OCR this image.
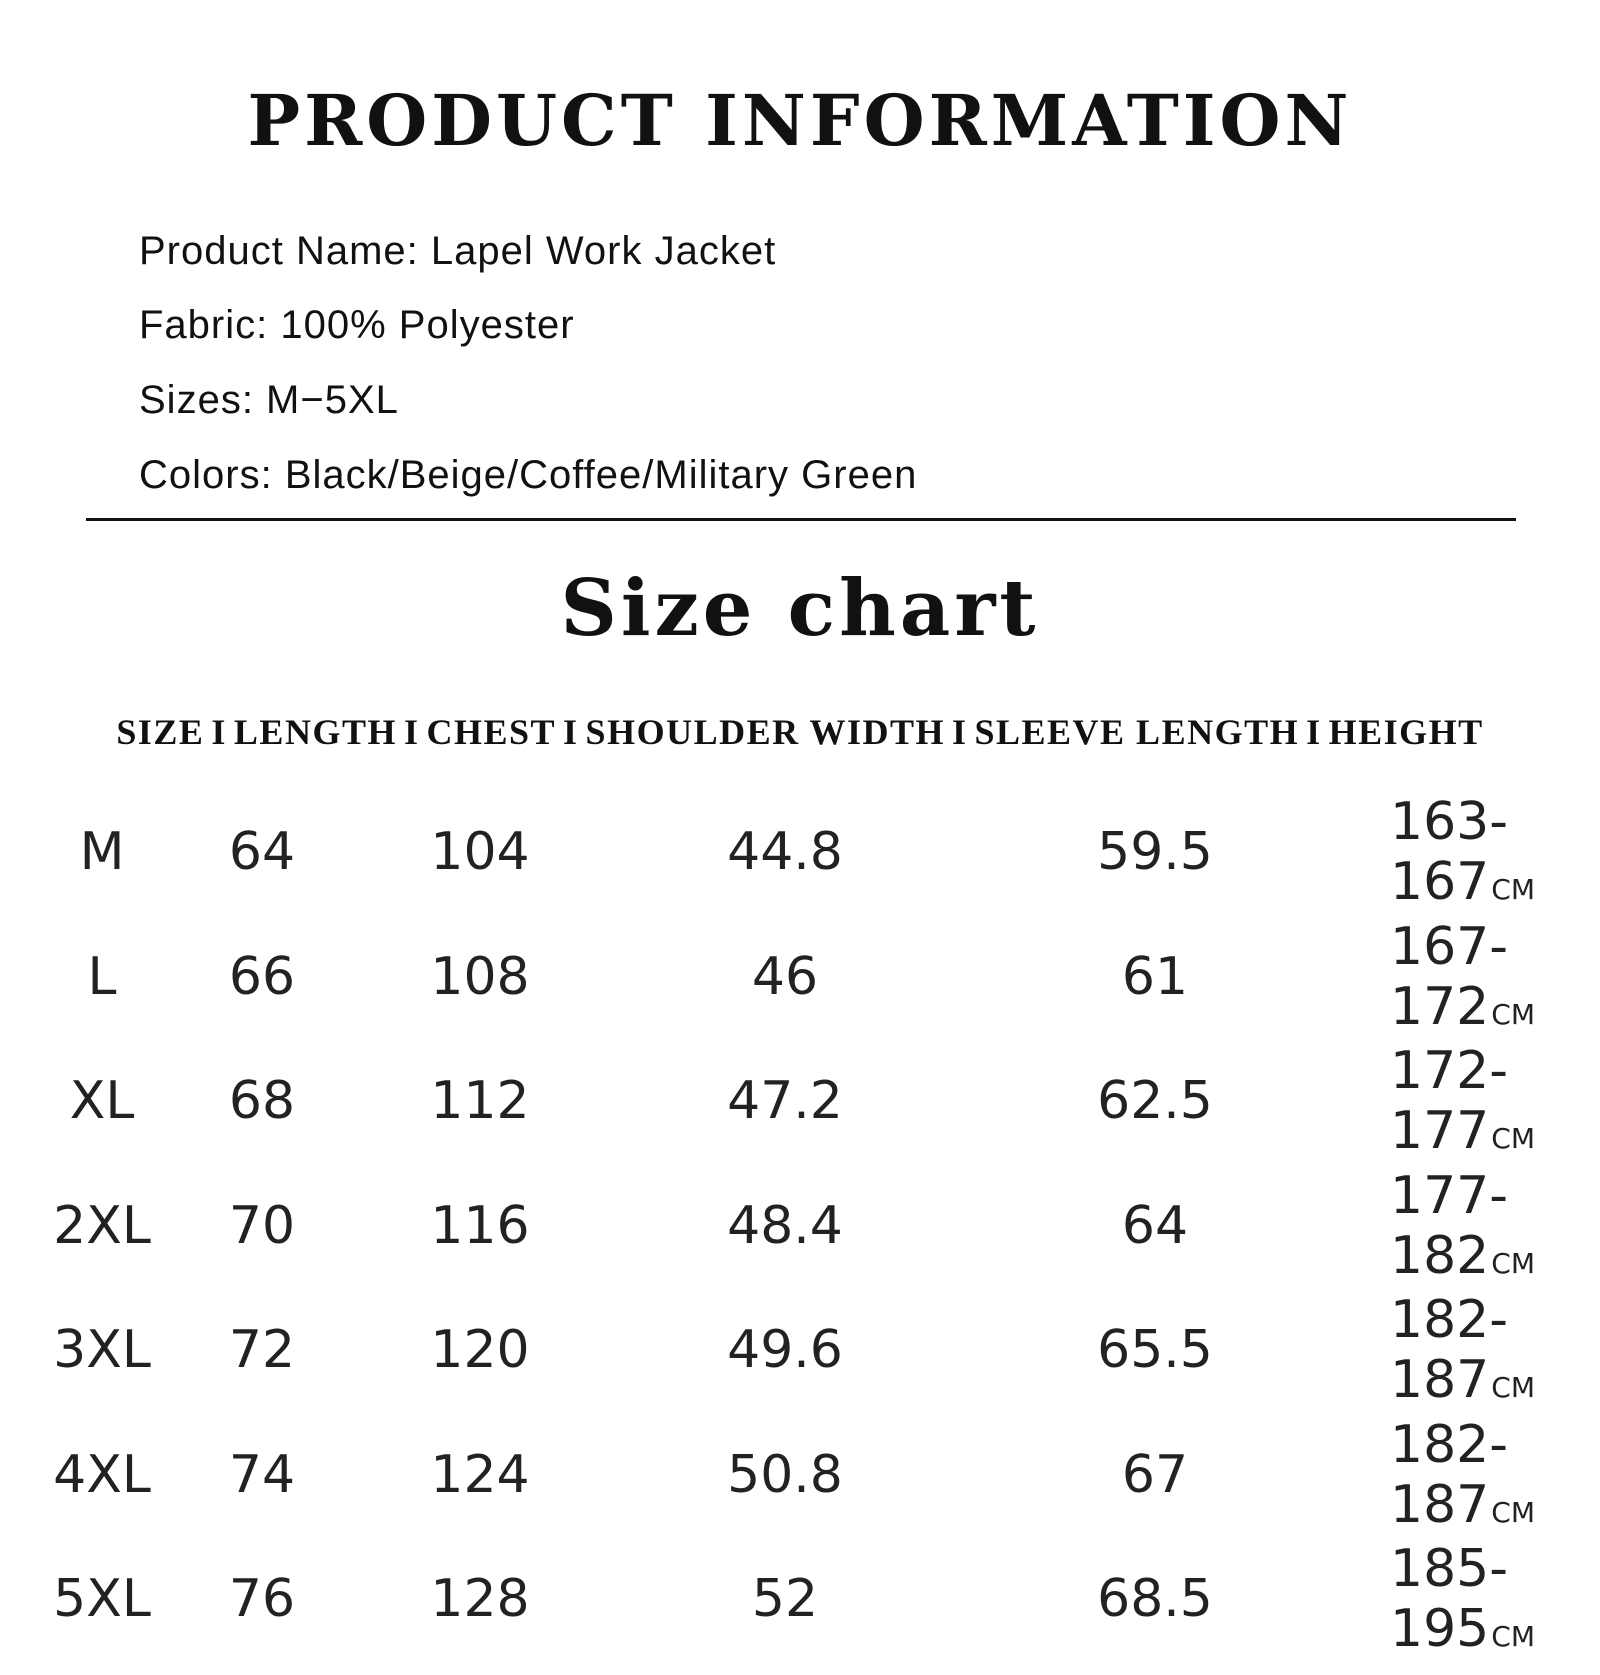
PRODUCT INFORMATION
Product Name: Lapel Work Jacket
Fabric: 100% Polyester
Sizes: M−5XL
Colors: Black/Beige/Coffee/Military Green
Size chart
SIZE I LENGTH I CHEST I SHOULDER WIDTH I SLEEVE LENGTH I HEIGHT
M	64	104	44.8	59.5	163-167CM
L	66	108	46	61	167-172CM
XL	68	112	47.2	62.5	172-177CM
2XL	70	116	48.4	64	177-182CM
3XL	72	120	49.6	65.5	182-187CM
4XL	74	124	50.8	67	182-187CM
5XL	76	128	52	68.5	185-195CM
